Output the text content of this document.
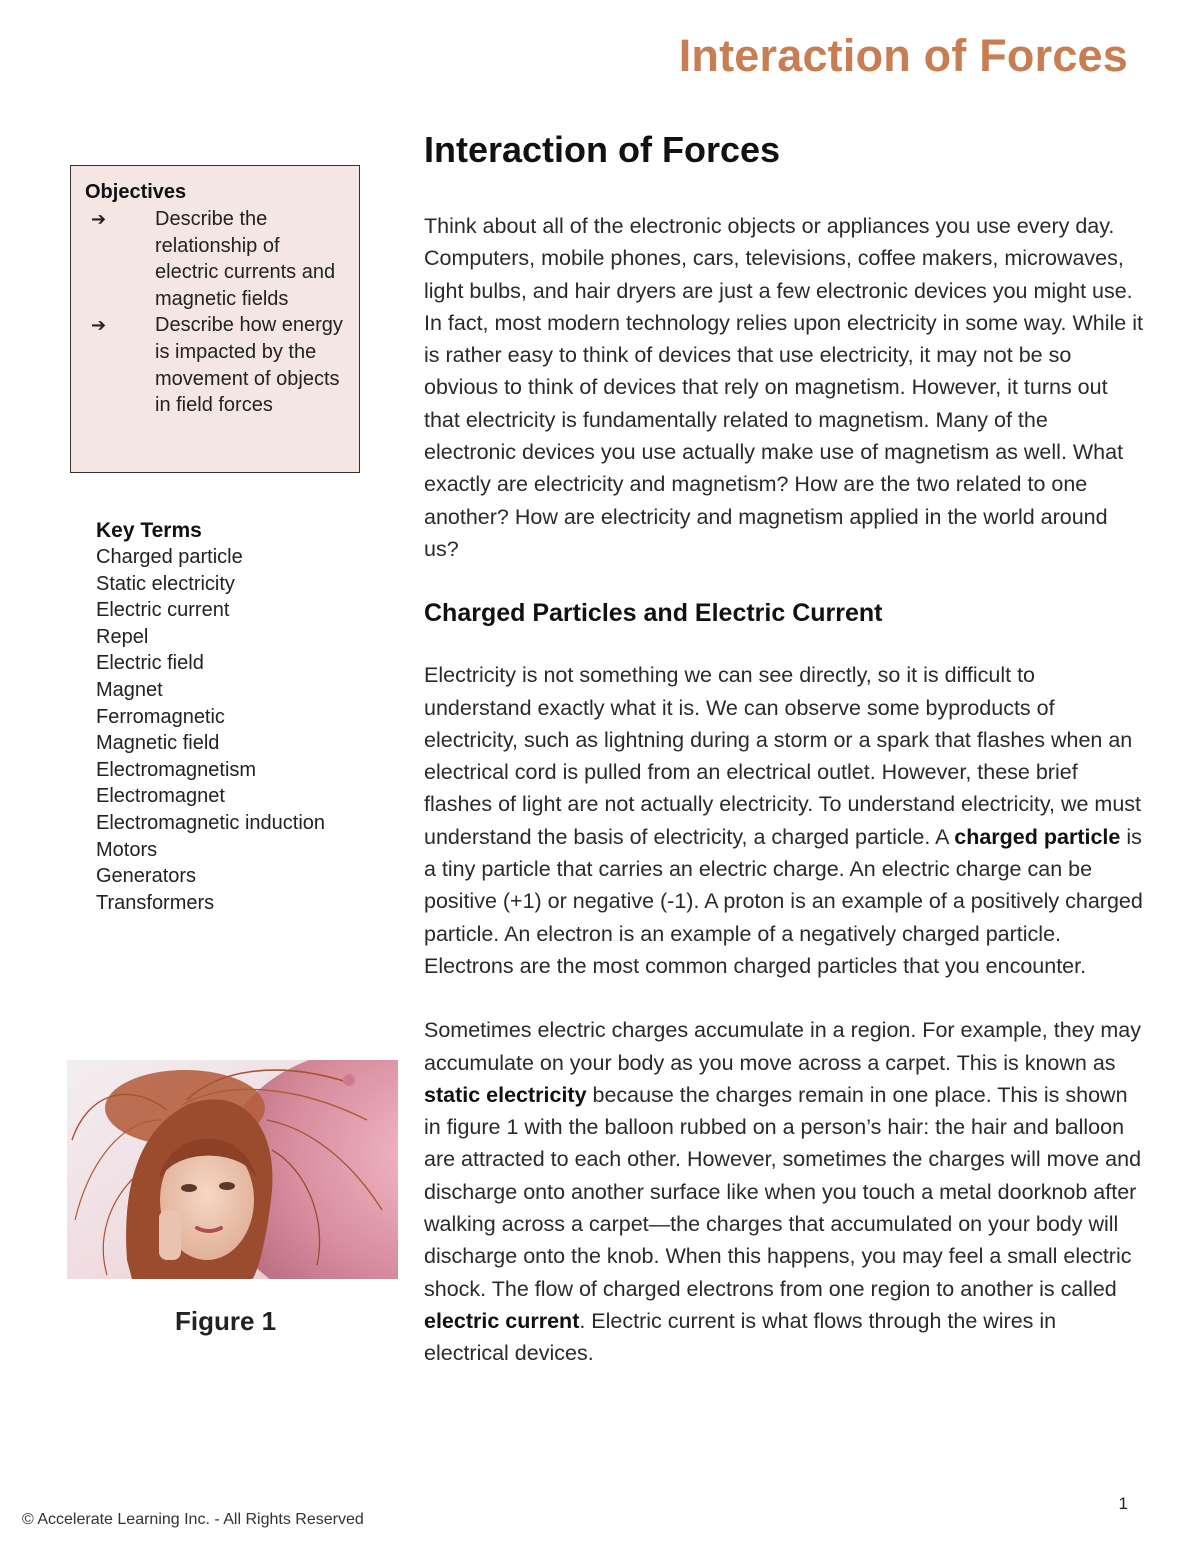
Interaction of Forces
Objectives
➔	Describe the relationship of electric currents and magnetic fields
➔	Describe how energy is impacted by the movement of objects in field forces
Key Terms
Charged particle
Static electricity
Electric current
Repel
Electric field
Magnet
Ferromagnetic
Magnetic field
Electromagnetism
Electromagnet
Electromagnetic induction
Motors
Generators
Transformers
Figure 1
Interaction of Forces

Think about all of the electronic objects or appliances you use every day. Computers, mobile phones, cars, televisions, coffee makers, microwaves, light bulbs, and hair dryers are just a few electronic devices you might use. In fact, most modern technology relies upon electricity in some way. While it is rather easy to think of devices that use electricity, it may not be so obvious to think of devices that rely on magnetism. However, it turns out that electricity is fundamentally related to magnetism. Many of the electronic devices you use actually make use of magnetism as well. What exactly are electricity and magnetism? How are the two related to one another? How are electricity and magnetism applied in the world around us?

Charged Particles and Electric Current

Electricity is not something we can see directly, so it is difficult to understand exactly what it is. We can observe some byproducts of electricity, such as lightning during a storm or a spark that flashes when an electrical cord is pulled from an electrical outlet. However, these brief flashes of light are not actually electricity. To understand electricity, we must understand the basis of electricity, a charged particle. A charged particle is a tiny particle that carries an electric charge. An electric charge can be positive (+1) or negative (-1). A proton is an example of a positively charged particle. An electron is an example of a negatively charged particle. Electrons are the most common charged particles that you encounter.

Sometimes electric charges accumulate in a region. For example, they may accumulate on your body as you move across a carpet. This is known as static electricity because the charges remain in one place. This is shown in figure 1 with the balloon rubbed on a person’s hair: the hair and balloon are attracted to each other. However, sometimes the charges will move and discharge onto another surface like when you touch a metal doorknob after walking across a carpet—the charges that accumulated on your body will discharge onto the knob. When this happens, you may feel a small electric shock. The flow of charged electrons from one region to another is called electric current. Electric current is what flows through the wires in electrical devices.

1
© Accelerate Learning Inc. - All Rights Reserved
